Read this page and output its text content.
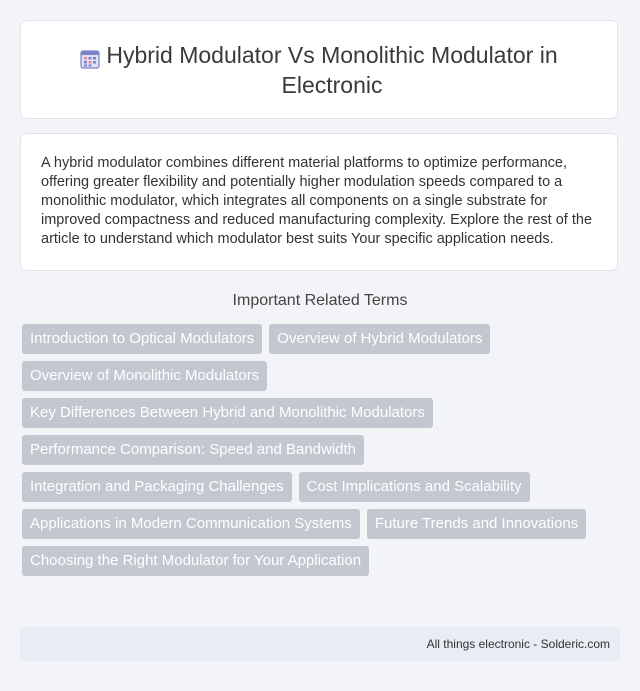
Hybrid Modulator Vs Monolithic Modulator in Electronic

A hybrid modulator combines different material platforms to optimize performance, offering greater flexibility and potentially higher modulation speeds compared to a monolithic modulator, which integrates all components on a single substrate for improved compactness and reduced manufacturing complexity. Explore the rest of the article to understand which modulator best suits Your specific application needs.

Important Related Terms
Introduction to Optical Modulators	Overview of Hybrid Modulators
Overview of Monolithic Modulators
Key Differences Between Hybrid and Monolithic Modulators
Performance Comparison: Speed and Bandwidth
Integration and Packaging Challenges	Cost Implications and Scalability
Applications in Modern Communication Systems	Future Trends and Innovations
Choosing the Right Modulator for Your Application
All things electronic - Solderic.com
